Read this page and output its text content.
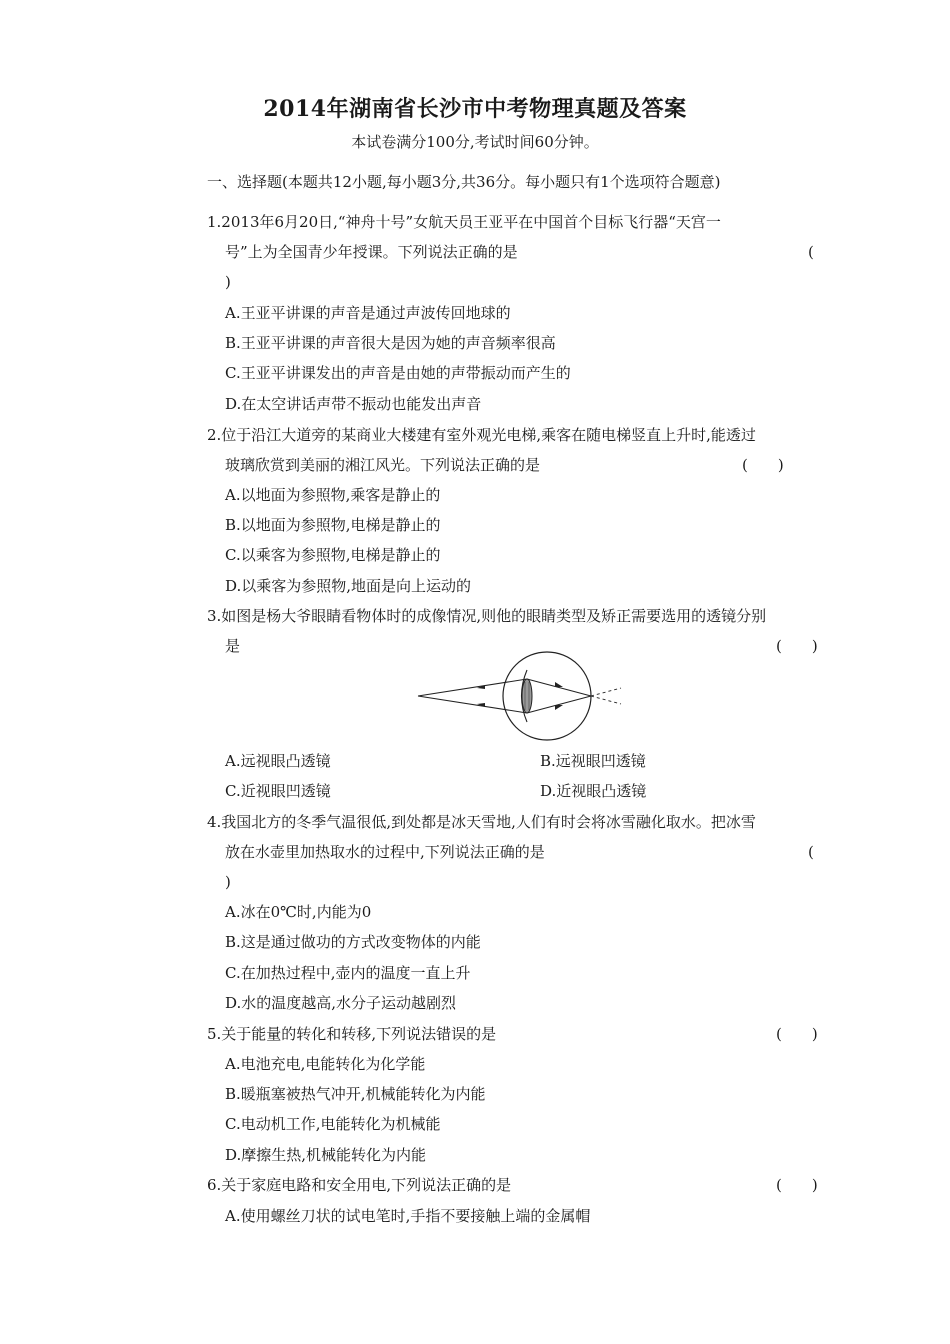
2014年湖南省长沙市中考物理真题及答案
本试卷满分100分,考试时间60分钟。
一、选择题(本题共12小题,每小题3分,共36分。每小题只有1个选项符合题意)
1.2013年6月20日,“神舟十号”女航天员王亚平在中国首个目标飞行器“天宫一
号”上为全国青少年授课。下列说法正确的是	(
)
A.王亚平讲课的声音是通过声波传回地球的
B.王亚平讲课的声音很大是因为她的声音频率很高
C.王亚平讲课发出的声音是由她的声带振动而产生的
D.在太空讲话声带不振动也能发出声音
2.位于沿江大道旁的某商业大楼建有室外观光电梯,乘客在随电梯竖直上升时,能透过
玻璃欣赏到美丽的湘江风光。下列说法正确的是	(　　)
A.以地面为参照物,乘客是静止的
B.以地面为参照物,电梯是静止的
C.以乘客为参照物,电梯是静止的
D.以乘客为参照物,地面是向上运动的
3.如图是杨大爷眼睛看物体时的成像情况,则他的眼睛类型及矫正需要选用的透镜分别
是	(　　)
A.远视眼凸透镜	B.远视眼凹透镜
C.近视眼凹透镜	D.近视眼凸透镜
4.我国北方的冬季气温很低,到处都是冰天雪地,人们有时会将冰雪融化取水。把冰雪
放在水壶里加热取水的过程中,下列说法正确的是	(
)
A.冰在0℃时,内能为0
B.这是通过做功的方式改变物体的内能
C.在加热过程中,壶内的温度一直上升
D.水的温度越高,水分子运动越剧烈
5.关于能量的转化和转移,下列说法错误的是	(　　)
A.电池充电,电能转化为化学能
B.暖瓶塞被热气冲开,机械能转化为内能
C.电动机工作,电能转化为机械能
D.摩擦生热,机械能转化为内能
6.关于家庭电路和安全用电,下列说法正确的是	(　　)
A.使用螺丝刀状的试电笔时,手指不要接触上端的金属帽
